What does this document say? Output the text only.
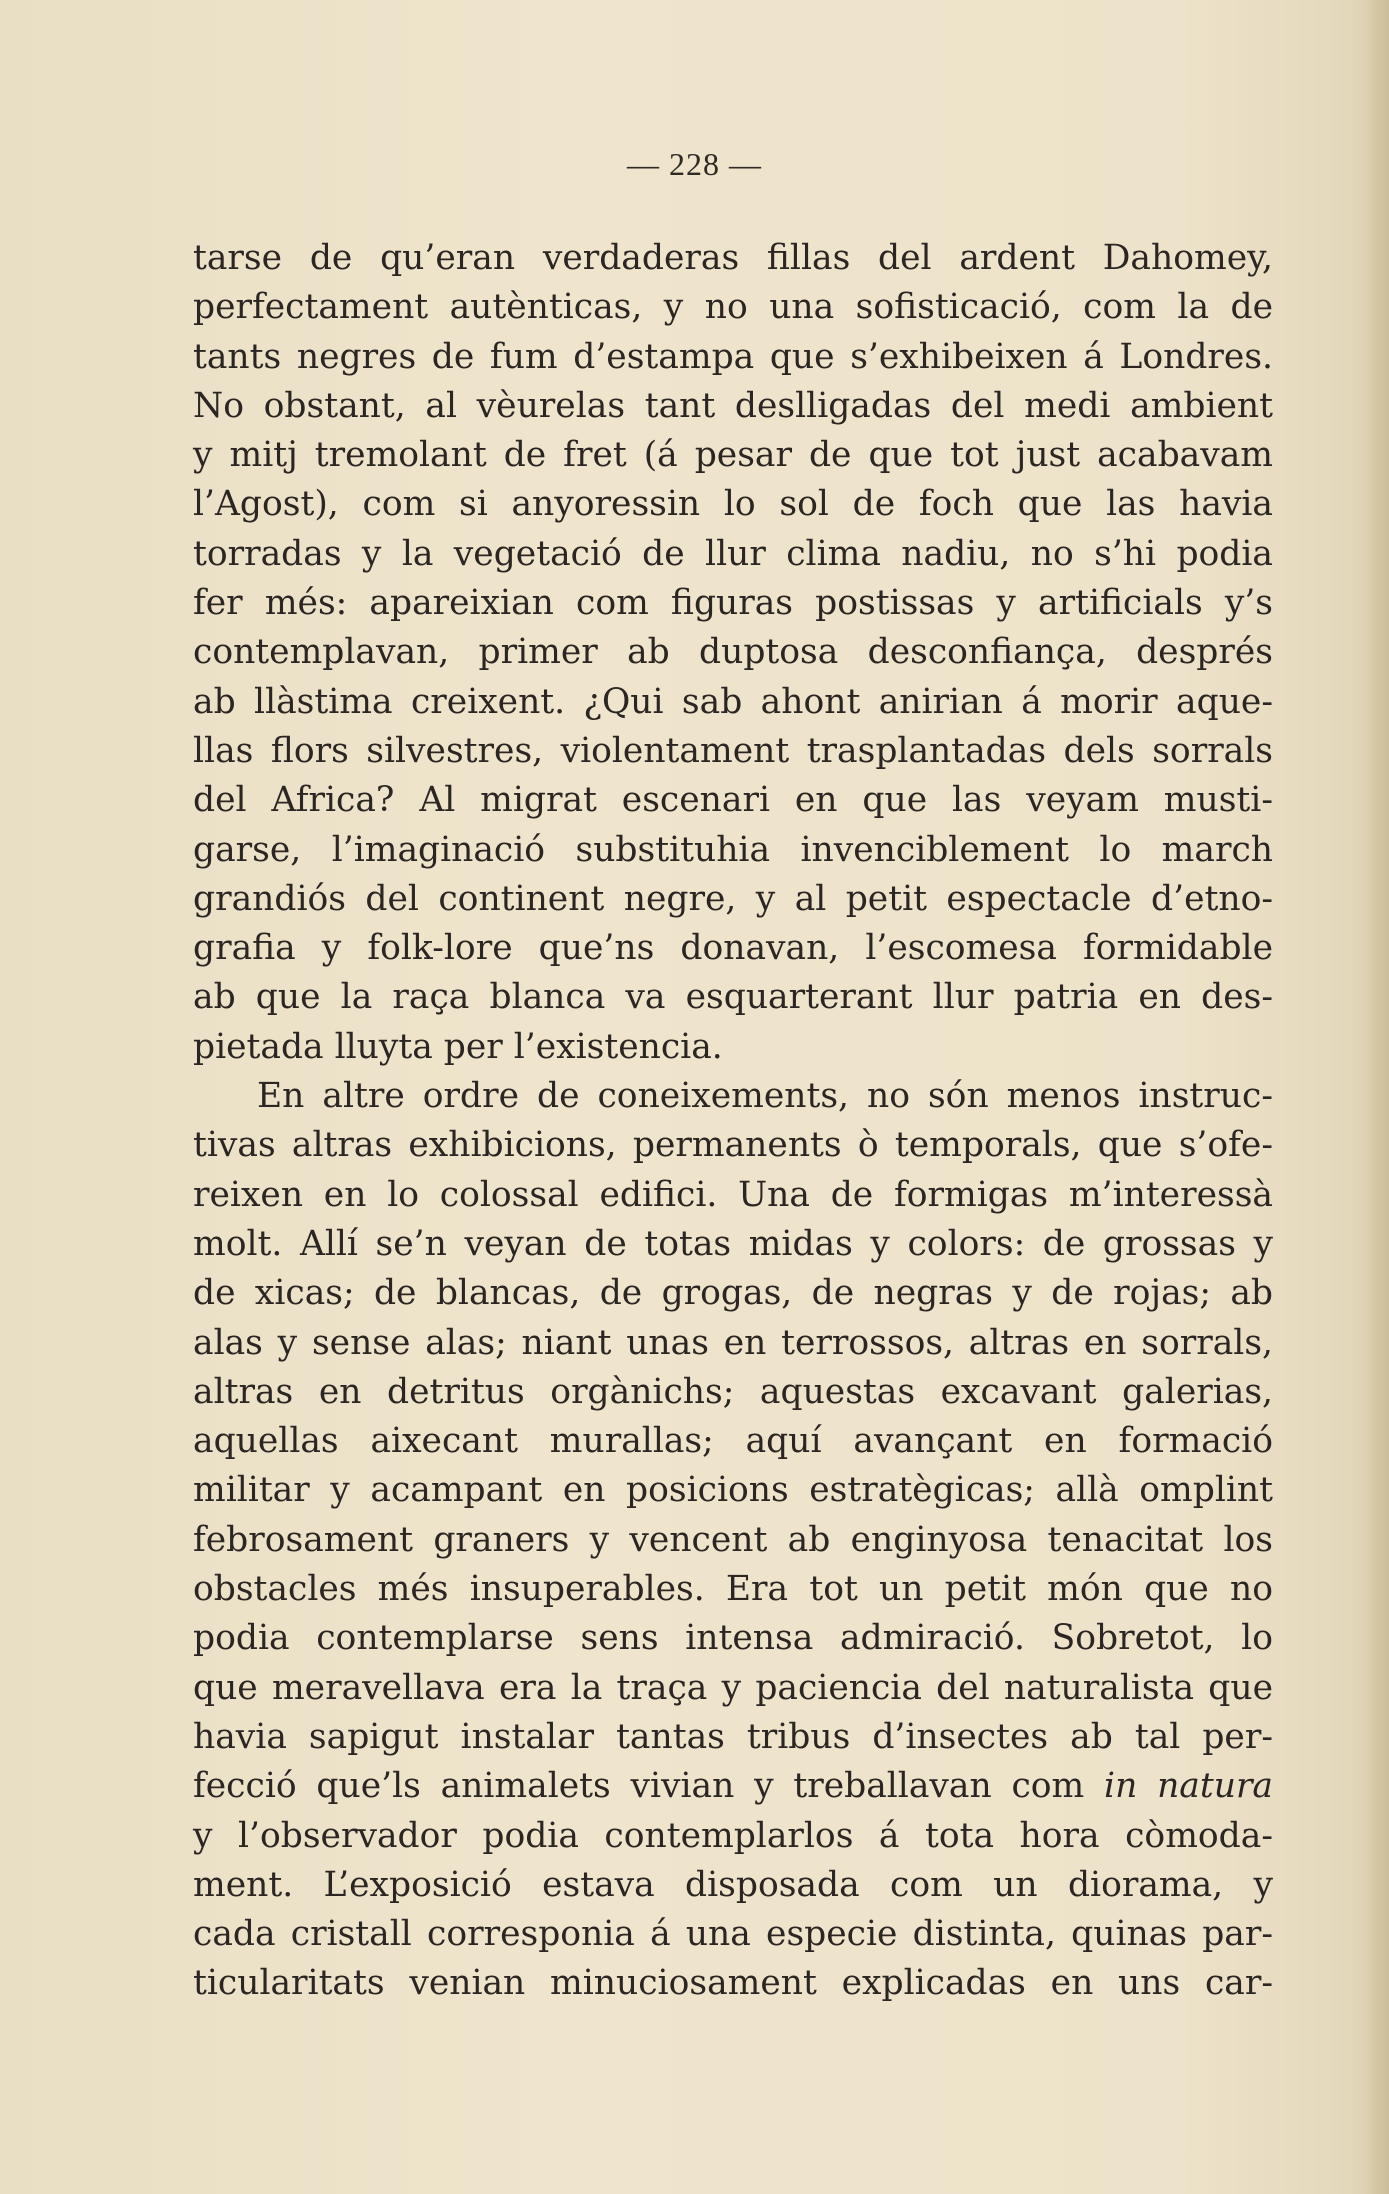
— 228 —
tarse de qu’eran verdaderas fillas del ardent Dahomey,
perfectament autènticas, y no una sofisticació, com la de
tants negres de fum d’estampa que s’exhibeixen á Londres.
No obstant, al vèurelas tant deslligadas del medi ambient
y mitj tremolant de fret (á pesar de que tot just acabavam
l’Agost), com si anyoressin lo sol de foch que las havia
torradas y la vegetació de llur clima nadiu, no s’hi podia
fer més: apareixian com figuras postissas y artificials y’s
contemplavan, primer ab duptosa desconfiança, després
ab llàstima creixent. ¿Qui sab ahont anirian á morir aque-
llas flors silvestres, violentament trasplantadas dels sorrals
del Africa? Al migrat escenari en que las veyam musti-
garse, l’imaginació substituhia invenciblement lo march
grandiós del continent negre, y al petit espectacle d’etno-
grafia y folk-lore que’ns donavan, l’escomesa formidable
ab que la raça blanca va esquarterant llur patria en des-
pietada lluyta per l’existencia.
En altre ordre de coneixements, no són menos instruc-
tivas altras exhibicions, permanents ò temporals, que s’ofe-
reixen en lo colossal edifici. Una de formigas m’interessà
molt. Allí se’n veyan de totas midas y colors: de grossas y
de xicas; de blancas, de grogas, de negras y de rojas; ab
alas y sense alas; niant unas en terrossos, altras en sorrals,
altras en detritus orgànichs; aquestas excavant galerias,
aquellas aixecant murallas; aquí avançant en formació
militar y acampant en posicions estratègicas; allà omplint
febrosament graners y vencent ab enginyosa tenacitat los
obstacles més insuperables. Era tot un petit món que no
podia contemplarse sens intensa admiració. Sobretot, lo
que meravellava era la traça y paciencia del naturalista que
havia sapigut instalar tantas tribus d’insectes ab tal per-
fecció que’ls animalets vivian y treballavan com in natura
y l’observador podia contemplarlos á tota hora còmoda-
ment. L’exposició estava disposada com un diorama, y
cada cristall corresponia á una especie distinta, quinas par-
ticularitats venian minuciosament explicadas en uns car-
